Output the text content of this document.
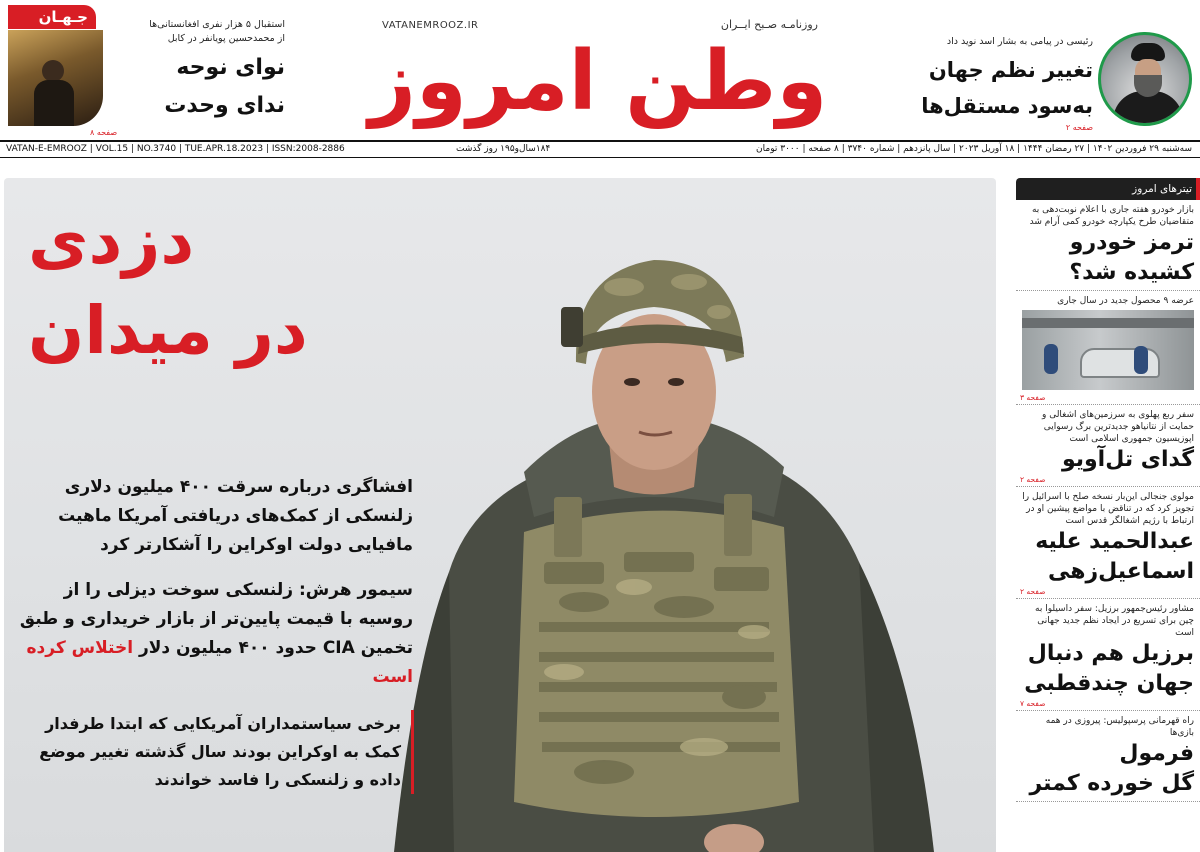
جـهـان
صفحه ۸
استقبال ۵ هزار نفری افغانستانی‌ها
از محمدحسین پویانفر در کابل
نوای نوحه
ندای وحدت
روزنامـه صـبح ایــران
VATANEMROOZ.IR
وطن امروز	رئیسی در پیامی به بشار اسد نوید داد
تغییر نظم جهان
به‌سود مستقل‌ها
صفحه ۲
VATAN-E-EMROOZ | VOL.15 | NO.3740 | TUE.APR.18.2023 | ISSN:2008-2886	۱۸۴سال‌و۱۹۵ روز گذشت	سه‌شنبه ۲۹ فروردین ۱۴۰۲ | ۲۷ رمضان ۱۴۴۴ | ۱۸ آوریل ۲۰۲۳ | سال پانزدهم | شماره ۳۷۴۰ | ۸ صفحه | ۳۰۰۰ تومان
دزدی
در میدان

افشاگری درباره سرقت ۴۰۰ میلیون دلاری زلنسکی از کمک‌های دریافتی آمریکا ماهیت مافیایی دولت اوکراین را آشکارتر کرد

سیمور هرش: زلنسکی سوخت دیزلی را از روسیه با قیمت پایین‌تر از بازار خریداری و طبق تخمین CIA حدود ۴۰۰ میلیون دلار اختلاس کرده است

برخی سیاستمداران آمریکایی که ابتدا طرفدار کمک به اوکراین بودند سال گذشته تغییر موضع داده و زلنسکی را فاسد خواندند

تیترهای امروز
بازار خودرو هفته جاری با اعلام نوبت‌دهی به متقاضیان طرح یکپارچه خودرو کمی آرام شد
ترمز خودرو
کشیده شد؟
عرضه ۹ محصول جدید در سال جاری
صفحه ۳
سفر ربع پهلوی به سرزمین‌های اشغالی و حمایت از نتانیاهو جدیدترین برگ رسوایی اپوزیسیون جمهوری اسلامی است
گدای تل‌آویو
صفحه ۲
مولوی جنجالی این‌بار نسخه صلح با اسرائیل را تجویز کرد که در تناقض با مواضع پیشین او در ارتباط با رژیم اشغالگر قدس است
عبدالحمید علیه
اسماعیل‌زهی
صفحه ۲
مشاور رئیس‌جمهور برزیل: سفر داسیلوا به چین برای تسریع در ایجاد نظم جدید جهانی است
برزیل هم دنبال
جهان چندقطبی
صفحه ۷
راه قهرمانی پرسپولیس: پیروزی در همه بازی‌ها
فرمول
گل خورده کمتر
